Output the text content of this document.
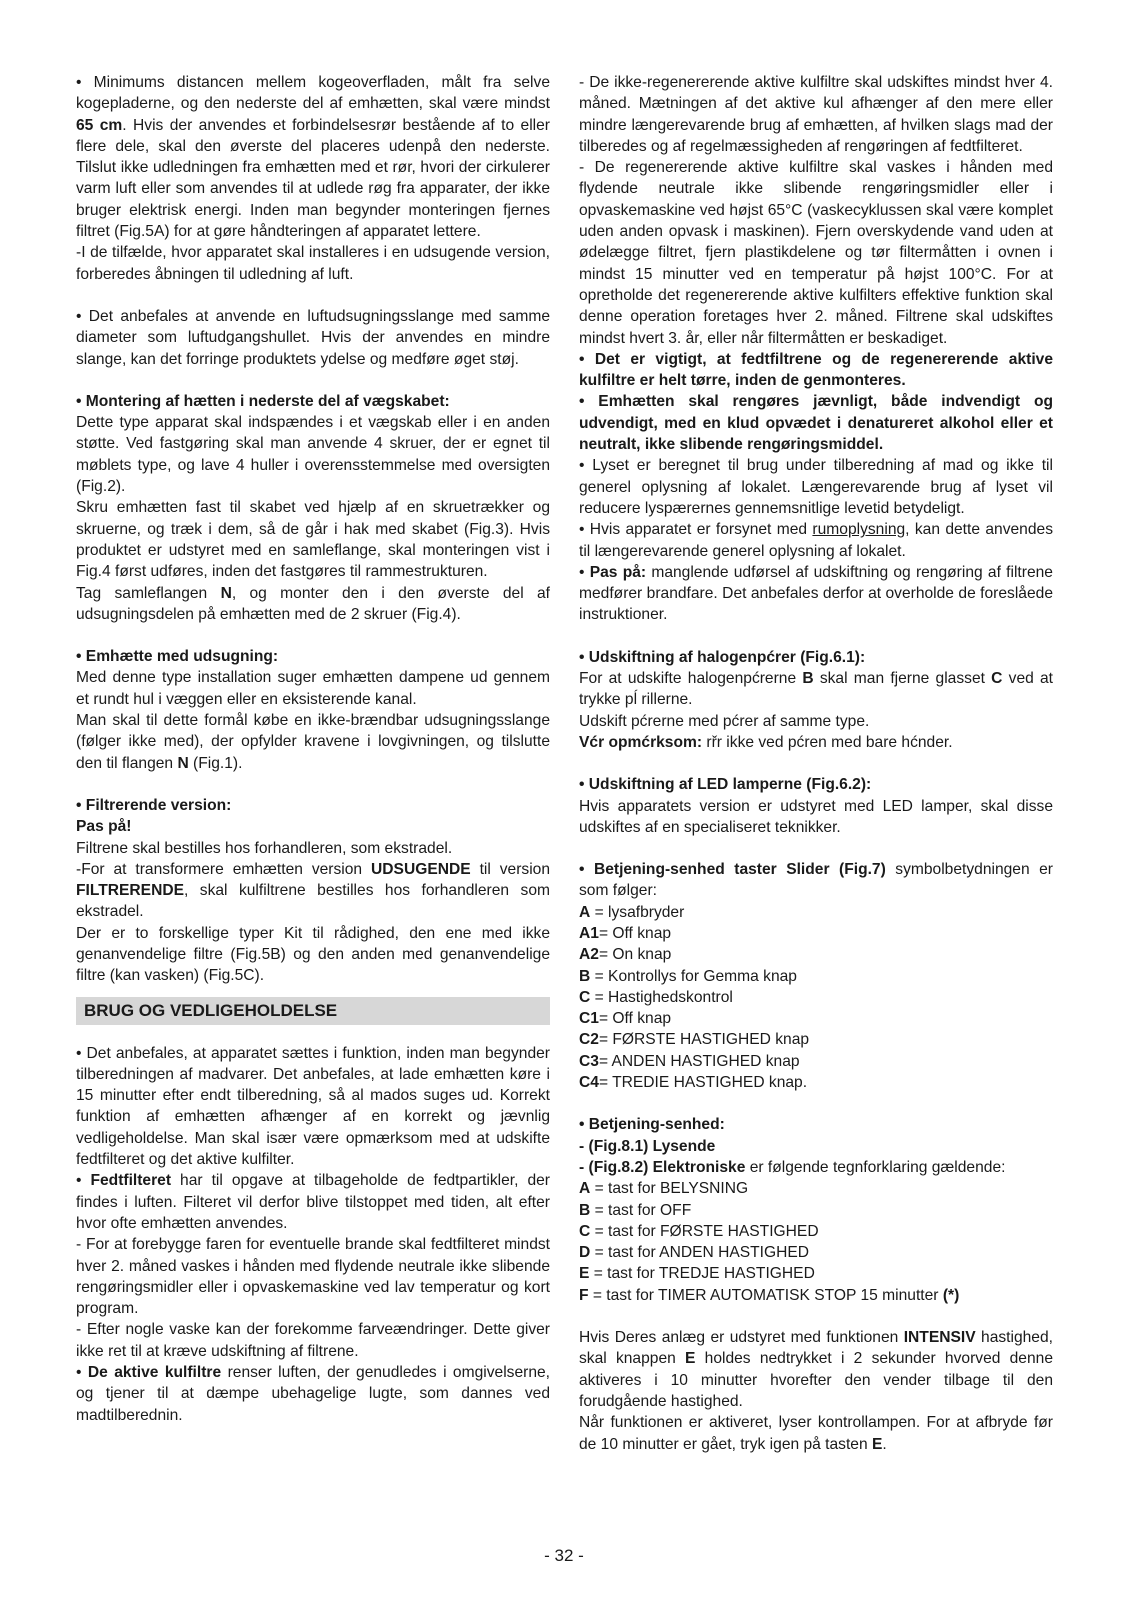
• Minimums distancen mellem kogeoverfladen, målt fra selve kogepladerne, og den nederste del af emhætten, skal være mindst 65 cm. Hvis der anvendes et forbindelsesrør bestående af to eller flere dele, skal den øverste del placeres udenpå den nederste. Tilslut ikke udledningen fra emhætten med et rør, hvori der cirkulerer varm luft eller som anvendes til at udlede røg fra apparater, der ikke bruger elektrisk energi. Inden man begynder monteringen fjernes filtret (Fig.5A) for at gøre håndteringen af apparatet lettere.

-I de tilfælde, hvor apparatet skal installeres i en udsugende version, forberedes åbningen til udledning af luft.

• Det anbefales at anvende en luftudsugningsslange med samme diameter som luftudgangshullet. Hvis der anvendes en mindre slange, kan det forringe produktets ydelse og medføre øget støj.

• Montering af hætten i nederste del af vægskabet:

Dette type apparat skal indspændes i et vægskab eller i en anden støtte. Ved fastgøring skal man anvende 4 skruer, der er egnet til møblets type, og lave 4 huller i overensstemmelse med oversigten (Fig.2).

Skru emhætten fast til skabet ved hjælp af en skruetrækker og skruerne, og træk i dem, så de går i hak med skabet (Fig.3). Hvis produktet er udstyret med en samleflange, skal monteringen vist i Fig.4 først udføres, inden det fastgøres til rammestrukturen.

Tag samleflangen N, og monter den i den øverste del af udsugningsdelen på emhætten med de 2 skruer (Fig.4).

• Emhætte med udsugning:

Med denne type installation suger emhætten dampene ud gennem et rundt hul i væggen eller en eksisterende kanal.

Man skal til dette formål købe en ikke-brændbar udsugningsslange (følger ikke med), der opfylder kravene i lovgivningen, og tilslutte den til flangen N (Fig.1).

• Filtrerende version:

Pas på!

Filtrene skal bestilles hos forhandleren, som ekstradel.

-For at transformere emhætten version UDSUGENDE til version FILTRERENDE, skal kulfiltrene bestilles hos forhandleren som ekstradel.

Der er to forskellige typer Kit til rådighed, den ene med ikke genanvendelige filtre (Fig.5B) og den anden med genanvendelige filtre (kan vasken) (Fig.5C).

BRUG OG VEDLIGEHOLDELSE

• Det anbefales, at apparatet sættes i funktion, inden man begynder tilberedningen af madvarer. Det anbefales, at lade emhætten køre i 15 minutter efter endt tilberedning, så al mados suges ud. Korrekt funktion af emhætten afhænger af en korrekt og jævnlig vedligeholdelse. Man skal især være opmærksom med at udskifte fedtfilteret og det aktive kulfilter.

• Fedtfilteret har til opgave at tilbageholde de fedtpartikler, der findes i luften. Filteret vil derfor blive tilstoppet med tiden, alt efter hvor ofte emhætten anvendes.

- For at forebygge faren for eventuelle brande skal fedtfilteret mindst hver 2. måned vaskes i hånden med flydende neutrale ikke slibende rengøringsmidler eller i opvaskemaskine ved lav temperatur og kort program.

- Efter nogle vaske kan der forekomme farveændringer. Dette giver ikke ret til at kræve udskiftning af filtrene.

• De aktive kulfiltre renser luften, der genudledes i omgivelserne, og tjener til at dæmpe ubehagelige lugte, som dannes ved madtilberednin.

- De ikke-regenererende aktive kulfiltre skal udskiftes mindst hver 4. måned. Mætningen af det aktive kul afhænger af den mere eller mindre længerevarende brug af emhætten, af hvilken slags mad der tilberedes og af regelmæssigheden af rengøringen af fedtfilteret.

- De regenererende aktive kulfiltre skal vaskes i hånden med flydende neutrale ikke slibende rengøringsmidler eller i opvaskemaskine ved højst 65°C (vaskecyklussen skal være komplet uden anden opvask i maskinen). Fjern overskydende vand uden at ødelægge filtret, fjern plastikdelene og tør filtermåtten i ovnen i mindst 15 minutter ved en temperatur på højst 100°C. For at opretholde det regenererende aktive kulfilters effektive funktion skal denne operation foretages hver 2. måned. Filtrene skal udskiftes mindst hvert 3. år, eller når filtermåtten er beskadiget.

• Det er vigtigt, at fedtfiltrene og de regenererende aktive kulfiltre er helt tørre, inden de genmonteres.

• Emhætten skal rengøres jævnligt, både indvendigt og udvendigt, med en klud opvædet i denatureret alkohol eller et neutralt, ikke slibende rengøringsmiddel.

• Lyset er beregnet til brug under tilberedning af mad og ikke til generel oplysning af lokalet. Længerevarende brug af lyset vil reducere lyspærernes gennemsnitlige levetid betydeligt.

• Hvis apparatet er forsynet med rumoplysning, kan dette anvendes til længerevarende generel oplysning af lokalet.

• Pas på: manglende udførsel af udskiftning og rengøring af filtrene medfører brandfare. Det anbefales derfor at overholde de foreslåede instruktioner.

• Udskiftning af halogenpćrer (Fig.6.1):

For at udskifte halogenpćrerne B skal man fjerne glasset C ved at trykke pĺ rillerne.

Udskift pćrerne med pćrer af samme type.

Vćr opmćrksom: rřr ikke ved pćren med bare hćnder.

• Udskiftning af LED lamperne (Fig.6.2):

Hvis apparatets version er udstyret med LED lamper, skal disse udskiftes af en specialiseret teknikker.

• Betjening-senhed taster Slider (Fig.7) symbolbetydningen er som følger:

A = lysafbryder
A1= Off knap
A2= On knap
B = Kontrollys for Gemma knap
C = Hastighedskontrol
C1= Off knap
C2= FØRSTE HASTIGHED knap
C3= ANDEN HASTIGHED knap
C4= TREDIE HASTIGHED knap.

• Betjening-senhed:

- (Fig.8.1) Lysende
- (Fig.8.2) Elektroniske er følgende tegnforklaring gældende:
A = tast for BELYSNING
B = tast for OFF
C = tast for FØRSTE HASTIGHED
D = tast for ANDEN HASTIGHED
E = tast for TREDJE HASTIGHED
F = tast for TIMER AUTOMATISK STOP 15 minutter (*)

Hvis Deres anlæg er udstyret med funktionen INTENSIV hastighed, skal knappen E holdes nedtrykket i 2 sekunder hvorved denne aktiveres i 10 minutter hvorefter den vender tilbage til den forudgående hastighed.

Når funktionen er aktiveret, lyser kontrollampen. For at afbryde før de 10 minutter er gået, tryk igen på tasten E.

- 32 -
